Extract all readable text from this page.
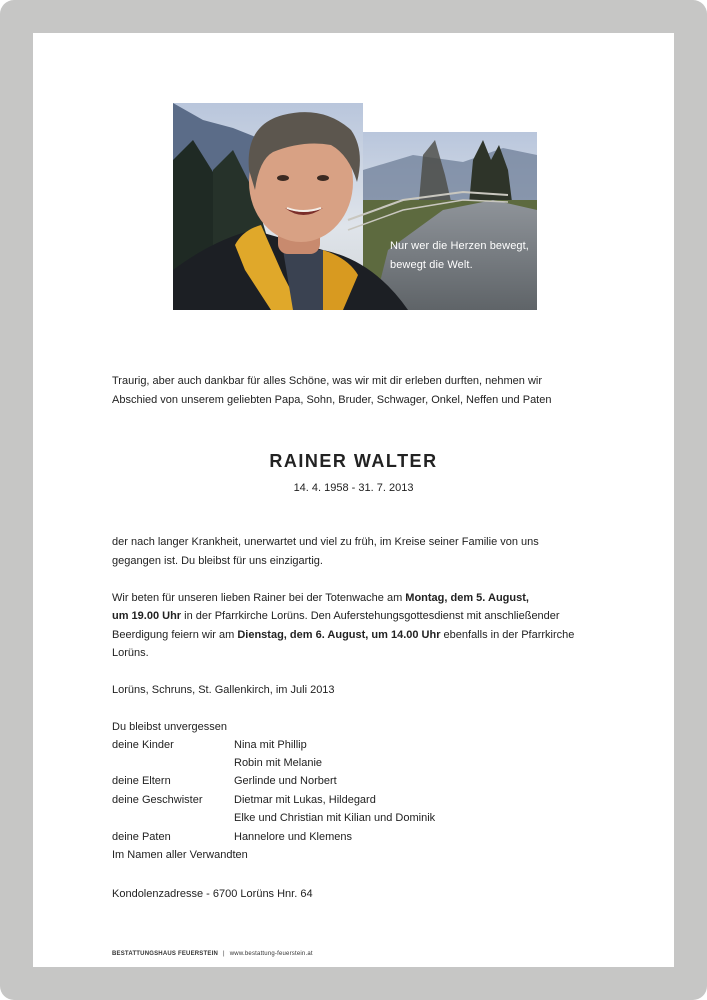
Nur wer die Herzen bewegt,
bewegt die Welt.
Traurig, aber auch dankbar für alles Schöne, was wir mit dir erleben durften, nehmen wir
Abschied von unserem geliebten Papa, Sohn, Bruder, Schwager, Onkel, Neffen und Paten
RAINER WALTER
14. 4. 1958 - 31. 7. 2013
der nach langer Krankheit, unerwartet und viel zu früh, im Kreise seiner Familie von uns
gegangen ist. Du bleibst für uns einzigartig.
Wir beten für unseren lieben Rainer bei der Totenwache am Montag, dem 5. August,
um 19.00 Uhr in der Pfarrkirche Lorüns. Den Auferstehungsgottesdienst mit anschließender
Beerdigung feiern wir am Dienstag, dem 6. August, um 14.00 Uhr ebenfalls in der Pfarrkirche
Lorüns.
Lorüns, Schruns, St. Gallenkirch, im Juli 2013
Du bleibst unvergessen
deine Kinder	Nina mit Phillip
Robin mit Melanie
deine Eltern	Gerlinde und Norbert
deine Geschwister	Dietmar mit Lukas, Hildegard
Elke und Christian mit Kilian und Dominik
deine Paten	Hannelore und Klemens
Im Namen aller Verwandten
Kondolenzadresse - 6700 Lorüns Hnr. 64
BESTATTUNGSHAUS FEUERSTEIN | www.bestattung-feuerstein.at
